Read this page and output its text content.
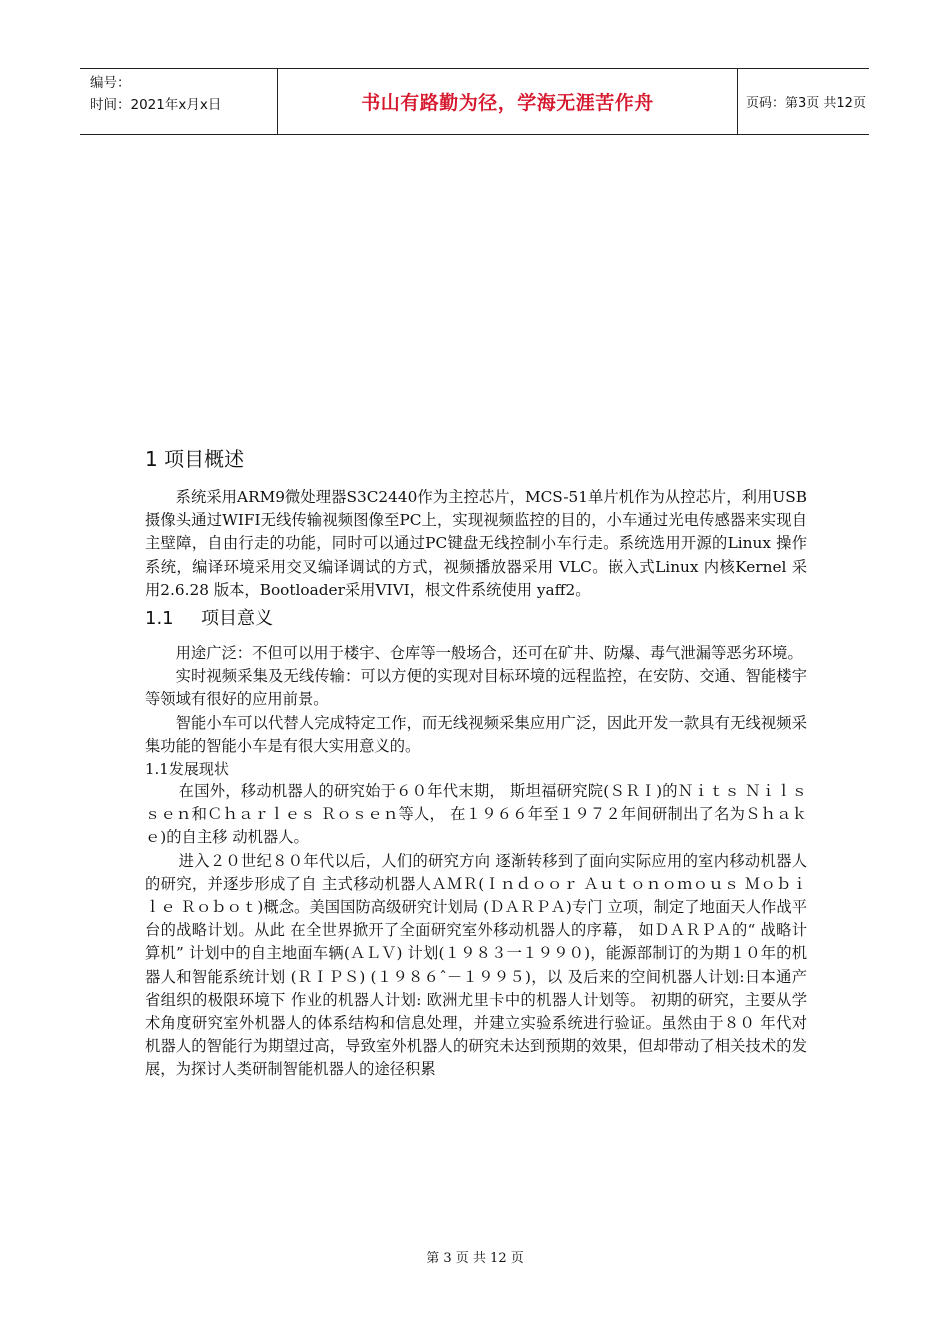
编号：
时间：2021年x月x日	书山有路勤为径，学海无涯苦作舟	页码：第3页 共12页
1 项目概述

系统采用ARM9微处理器S3C2440作为主控芯片，MCS-51单片机作为从控芯片，利用USB摄像头通过WIFI无线传输视频图像至PC上，实现视频监控的目的，小车通过光电传感器来实现自主壁障，自由行走的功能，同时可以通过PC键盘无线控制小车行走。系统选用开源的Linux 操作系统，编译环境采用交叉编译调试的方式，视频播放器采用 VLC。嵌入式Linux 内核Kernel 采用2.6.28 版本，Bootloader采用VIVI，根文件系统使用 yaff2。

1.1 项目意义

用途广泛：不但可以用于楼宇、仓库等一般场合，还可在矿井、防爆、毒气泄漏等恶劣环境。

实时视频采集及无线传输：可以方便的实现对目标环境的远程监控，在安防、交通、智能楼宇等领域有很好的应用前景。

智能小车可以代替人完成特定工作，而无线视频采集应用广泛，因此开发一款具有无线视频采集功能的智能小车是有很大实用意义的。

1.1发展现状

在国外，移动机器人的研究始于６０年代末期， 斯坦福研究院(ＳＲＩ)的Ｎｉｔｓ Ｎｉｌｓｓｅｎ和Ｃｈａｒｌｅｓ Ｒｏｓｅｎ等人， 在１９６６年至１９７２年间研制出了名为Ｓｈａｋｅ)的自主移 动机器人。

进入２０世纪８０年代以后，人们的研究方向 逐渐转移到了面向实际应用的室内移动机器人的研究，并逐步形成了自 主式移动机器人ＡＭＲ(Ｉｎｄｏｏｒ Ａｕｔｏｎｏｍｏｕｓ Ｍｏｂｉｌｅ Ｒｏｂｏｔ)概念。美国国防高级研究计划局 (ＤＡＲＰＡ)专门 立项，制定了地面天人作战平台的战略计划。从此 在全世界掀开了全面研究室外移动机器人的序幕， 如ＤＡＲＰＡ的“ 战略计算机” 计划中的自主地面车辆(ＡＬＶ) 计划(１９８３一１９９０)，能源部制订的为期１０年的机器人和智能系统计划 (ＲＩＰＳ) (１９８６ˆ－１９９５)，以 及后来的空间机器人计划:日本通产省组织的极限环境下 作业的机器人计划: 欧洲尤里卡中的机器人计划等。 初期的研究，主要从学术角度研究室外机器人的体系结构和信息处理，并建立实验系统进行验证。虽然由于８０ 年代对机器人的智能行为期望过高，导致室外机器人的研究未达到预期的效果，但却带动了相关技术的发展，为探讨人类研制智能机器人的途径积累

第 3 页 共 12 页
